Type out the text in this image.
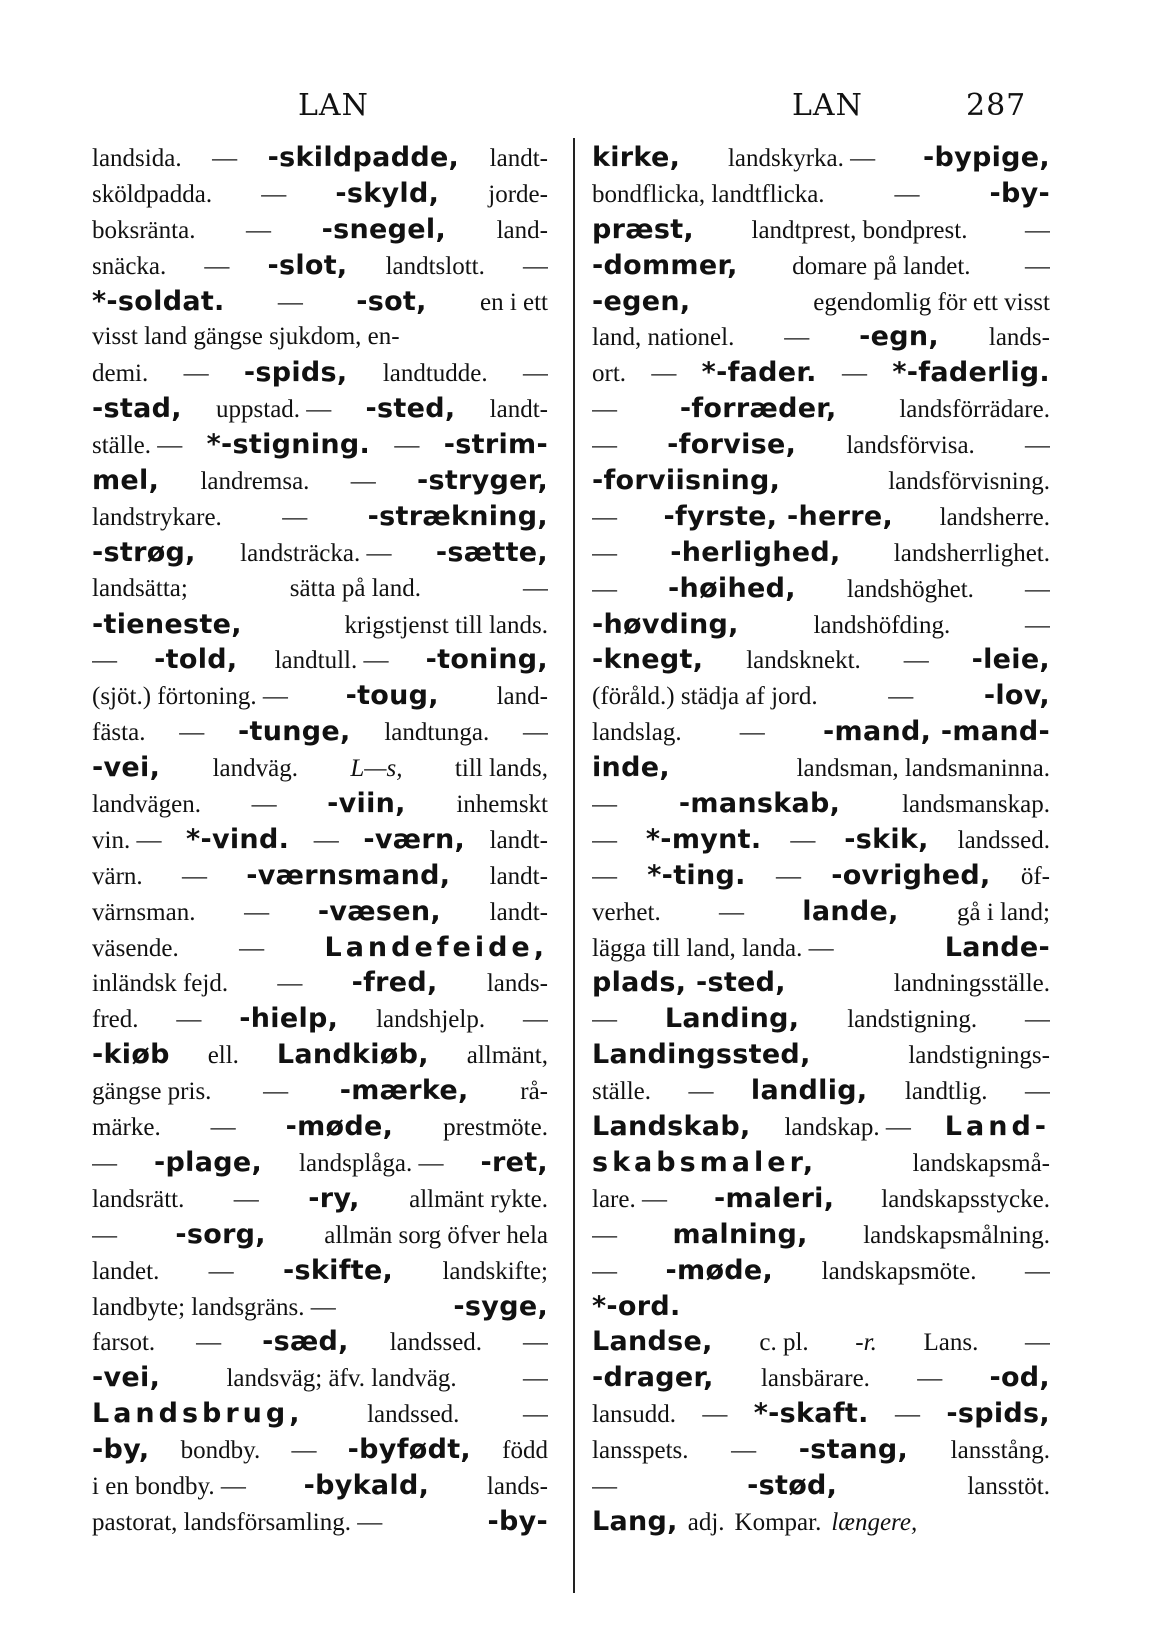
LAN	LAN	287
landsida. — -skildpadde, landt-
sköldpadda. — -skyld, jorde-
boksränta. — -snegel, land-
snäcka. — -slot, landtslott. —
*-soldat. — -sot, en i ett
visst land gängse sjukdom, en-
demi. — -spids, landtudde. —
-stad, uppstad. — -sted, landt-
ställe. — *-stigning. — -strim-
mel, landremsa. — -stryger,
landstrykare. — -strækning,
-strøg, landsträcka. — -sætte,
landsätta;	sätta på land.	—
-tieneste,	krigstjenst till lands.
— -told, landtull. — -toning,
(sjöt.) förtoning. — -toug, land-
fästa. — -tunge, landtunga. —
-vei, landväg. L—s, till lands,
landvägen. — -viin, inhemskt
vin. — *-vind. — -værn, landt-
värn. — -værnsmand, landt-
värnsman. — -væsen, landt-
väsende. — Landefeide,
inländsk fejd. — -fred, lands-
fred. — -hielp, landshjelp. —
-kiøb ell. Landkiøb, allmänt,
gängse pris. — -mærke, rå-
märke. — -møde, prestmöte.
— -plage, landsplåga. — -ret,
landsrätt. — -ry, allmänt rykte.
— -sorg, allmän sorg öfver hela
landet. — -skifte, landskifte;
landbyte; landsgräns. —	-syge,
farsot. — -sæd, landssed. —
-vei,	landsväg; äfv. landväg.	—
Landsbrug,	landssed.	—
-by, bondby. — -byfødt, född
i en bondby. — -bykald, lands-
pastorat, landsförsamling. —	-by-
kirke, landskyrka. — -bypige,
bondflicka, landtflicka.	—	-by-
præst, landtprest, bondprest. —
-dommer, domare på landet. —
-egen,	egendomlig för ett visst
land, nationel. — -egn, lands-
ort. — *-fader. — *-faderlig.
— -forræder,	landsförrädare.
— -forvise, landsförvisa. —
-forviisning,	landsförvisning.
— -fyrste, -herre, landsherre.
— -herlighed, landsherrlighet.
— -høihed, landshöghet. —
-høvding,	landshöfding.	—
-knegt, landsknekt. — -leie,
(föråld.) städja af jord.	—	-lov,
landslag. — -mand, -mand-
inde,	landsman, landsmaninna.
— -manskab, landsmanskap.
— *-mynt. — -skik, landssed.
— *-ting. — -ovrighed, öf-
verhet. — lande, gå i land;
lägga till land, landa. —	Lande-
plads, -sted,	landningsställe.
— Landing, landstigning. —
Landingssted,	landstignings-
ställe. — landlig, landtlig. —
Landskab, landskap. — Land-
skabsmaler,	landskapsmå-
lare. — -maleri, landskapsstycke.
— malning, landskapsmålning.
— -møde, landskapsmöte. —
*-ord.
Landse, c. pl. -r. Lans. —
-drager, lansbärare. — -od,
lansudd. — *-skaft. — -spids,
lansspets. — -stang, lansstång.
—	-stød,	lansstöt.
Lang, adj. Kompar. længere,
